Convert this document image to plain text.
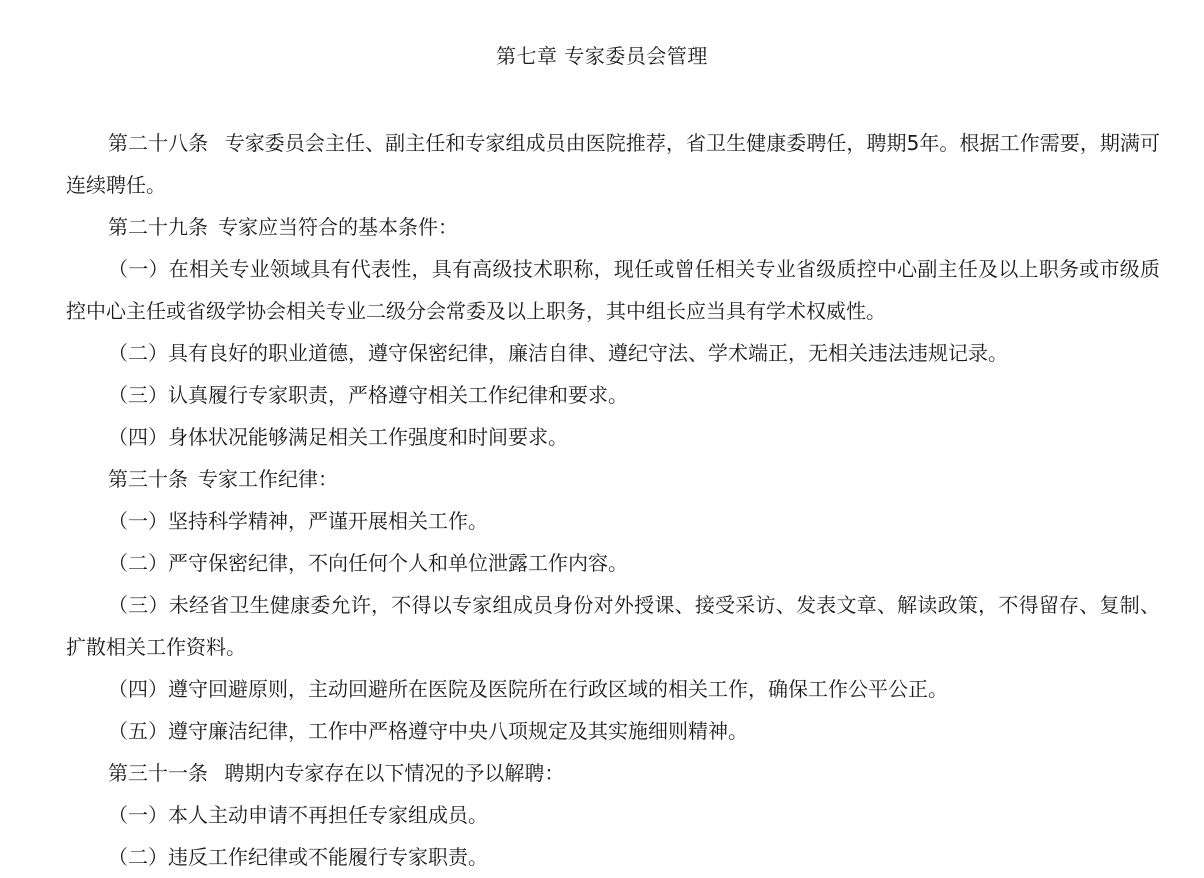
第七章 专家委员会管理

第二十八条 专家委员会主任、副主任和专家组成员由医院推荐，省卫生健康委聘任，聘期5年。根据工作需要，期满可连续聘任。

第二十九条 专家应当符合的基本条件：

（一）在相关专业领域具有代表性，具有高级技术职称，现任或曾任相关专业省级质控中心副主任及以上职务或市级质控中心主任或省级学协会相关专业二级分会常委及以上职务，其中组长应当具有学术权威性。

（二）具有良好的职业道德，遵守保密纪律，廉洁自律、遵纪守法、学术端正，无相关违法违规记录。

（三）认真履行专家职责，严格遵守相关工作纪律和要求。

（四）身体状况能够满足相关工作强度和时间要求。

第三十条 专家工作纪律：

（一）坚持科学精神，严谨开展相关工作。

（二）严守保密纪律，不向任何个人和单位泄露工作内容。

（三）未经省卫生健康委允许，不得以专家组成员身份对外授课、接受采访、发表文章、解读政策，不得留存、复制、扩散相关工作资料。

（四）遵守回避原则，主动回避所在医院及医院所在行政区域的相关工作，确保工作公平公正。

（五）遵守廉洁纪律，工作中严格遵守中央八项规定及其实施细则精神。

第三十一条 聘期内专家存在以下情况的予以解聘：

（一）本人主动申请不再担任专家组成员。

（二）违反工作纪律或不能履行专家职责。
